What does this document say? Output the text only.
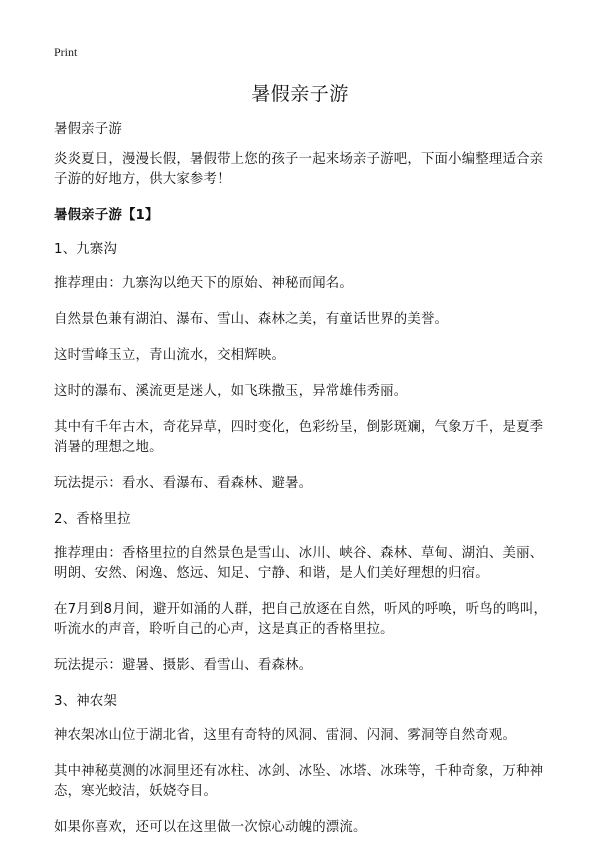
Print
暑假亲子游

暑假亲子游

炎炎夏日，漫漫长假，暑假带上您的孩子一起来场亲子游吧，下面小编整理适合亲子游的好地方，供大家参考！

暑假亲子游【1】

1、九寨沟

推荐理由：九寨沟以绝天下的原始、神秘而闻名。

自然景色兼有湖泊、瀑布、雪山、森林之美，有童话世界的美誉。

这时雪峰玉立，青山流水，交相辉映。

这时的瀑布、溪流更是迷人，如飞珠撒玉，异常雄伟秀丽。

其中有千年古木，奇花异草，四时变化，色彩纷呈，倒影斑斓，气象万千，是夏季消暑的理想之地。

玩法提示：看水、看瀑布、看森林、避暑。

2、香格里拉

推荐理由：香格里拉的自然景色是雪山、冰川、峡谷、森林、草甸、湖泊、美丽、明朗、安然、闲逸、悠远、知足、宁静、和谐，是人们美好理想的归宿。

在7月到8月间，避开如涌的人群，把自己放逐在自然，听风的呼唤，听鸟的鸣叫，听流水的声音，聆听自己的心声，这是真正的香格里拉。

玩法提示：避暑、摄影、看雪山、看森林。

3、神农架

神农架冰山位于湖北省，这里有奇特的风洞、雷洞、闪洞、雾洞等自然奇观。

其中神秘莫测的冰洞里还有冰柱、冰剑、冰坠、冰塔、冰珠等，千种奇象，万种神态，寒光蛟洁，妖娆夺目。

如果你喜欢，还可以在这里做一次惊心动魄的漂流。
